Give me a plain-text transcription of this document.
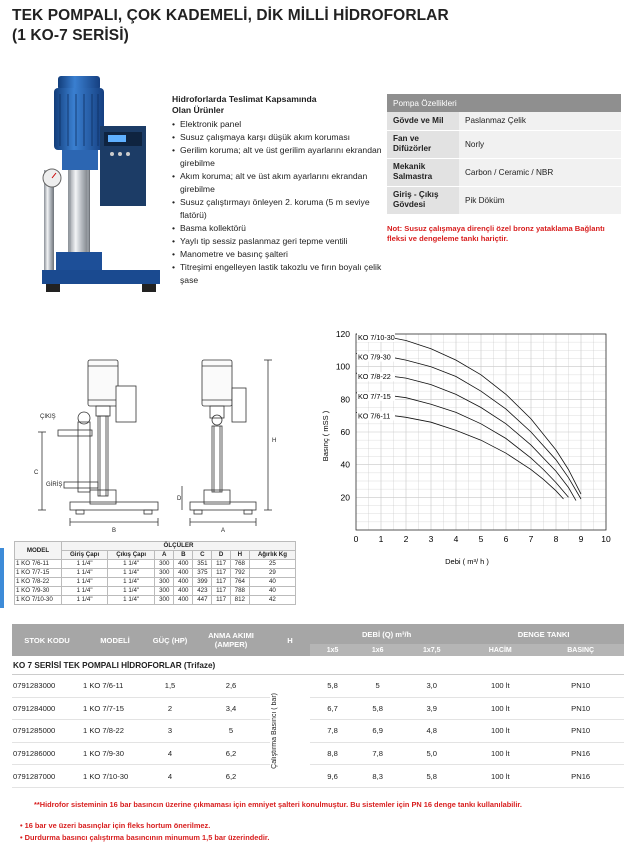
TEK POMPALI, ÇOK KADEMELİ, DİK MİLLİ HİDROFORLAR
(1 KO-7 SERİSİ)
Hidroforlarda Teslimat Kapsamında
Olan Ürünler
• Elektronik panel
• Susuz çalışmaya karşı düşük akım koruması
• Gerilim koruma; alt ve üst gerilim ayarlarını ekrandan girebilme
• Akım koruma; alt ve üst akım ayarlarını ekrandan girebilme
• Susuz çalıştırmayı önleyen 2. koruma (5 m seviye flatörü)
• Basma kollektörü
• Yaylı tip sessiz paslanmaz geri tepme ventili
• Manometre ve basınç şalteri
• Titreşimi engelleyen lastik takozlu ve fırın boyalı çelik şase
Pompa Özellikleri	
Gövde ve Mil	Paslanmaz Çelik
Fan ve Difüzörler	Norly
Mekanik Salmastra	Carbon / Ceramic / NBR
Giriş - Çıkış Gövdesi	Pik Döküm
Not: Susuz çalışmaya dirençli özel bronz yataklama Bağlantı fleksi ve dengeleme tankı hariçtir.
ÇIKIŞ
GİRİŞ
B	A
C
D
H
0 1 2 3 4 5 6 7 8 9 10
20
40
60
80
100
120 KO 7/10-30
KO 7/9-30
KO 7/8-22
KO 7/7-15
KO 7/6-11
Debi ( m³/ h )
Basınç ( mSS )
MODEL	ÖLÇÜLER							
	Giriş Çapı	Çıkış Çapı	A	B	C	D	H	Ağırlık Kg
1 KO 7/6-11	1 1/4"	1 1/4"	300	400	351	117	768	25
1 KO 7/7-15	1 1/4"	1 1/4"	300	400	375	117	792	29
1 KO 7/8-22	1 1/4"	1 1/4"	300	400	399	117	764	40
1 KO 7/9-30	1 1/4"	1 1/4"	300	400	423	117	788	40
1 KO 7/10-30	1 1/4"	1 1/4"	300	400	447	117	812	42
STOK KODU	MODELİ	GÜÇ (HP)	ANMA AKIMI (AMPER)	H	DEBİ (Q) m³/h			DENGE TANKI	
					1x5	1x6	1x7,5	HACİM	BASINÇ
KO 7 SERİSİ TEK POMPALI HİDROFORLAR (Trifaze)									
0791283000	1 KO 7/6-11	1,5	2,6	Çalıştırma Basıncı ( bar)	5,8	5	3,0	100 lt	PN10
0791284000	1 KO 7/7-15	2	3,4		6,7	5,8	3,9	100 lt	PN10
0791285000	1 KO 7/8-22	3	5		7,8	6,9	4,8	100 lt	PN10
0791286000	1 KO 7/9-30	4	6,2		8,8	7,8	5,0	100 lt	PN16
0791287000	1 KO 7/10-30	4	6,2		9,6	8,3	5,8	100 lt	PN16
**Hidrofor sisteminin 16 bar basıncın üzerine çıkmaması için emniyet şalteri konulmuştur. Bu sistemler için PN 16 denge tankı kullanılabilir.
• 16 bar ve üzeri basınçlar için fleks hortum önerilmez.
• Durdurma basıncı çalıştırma basıncının minumum 1,5 bar üzerindedir.
